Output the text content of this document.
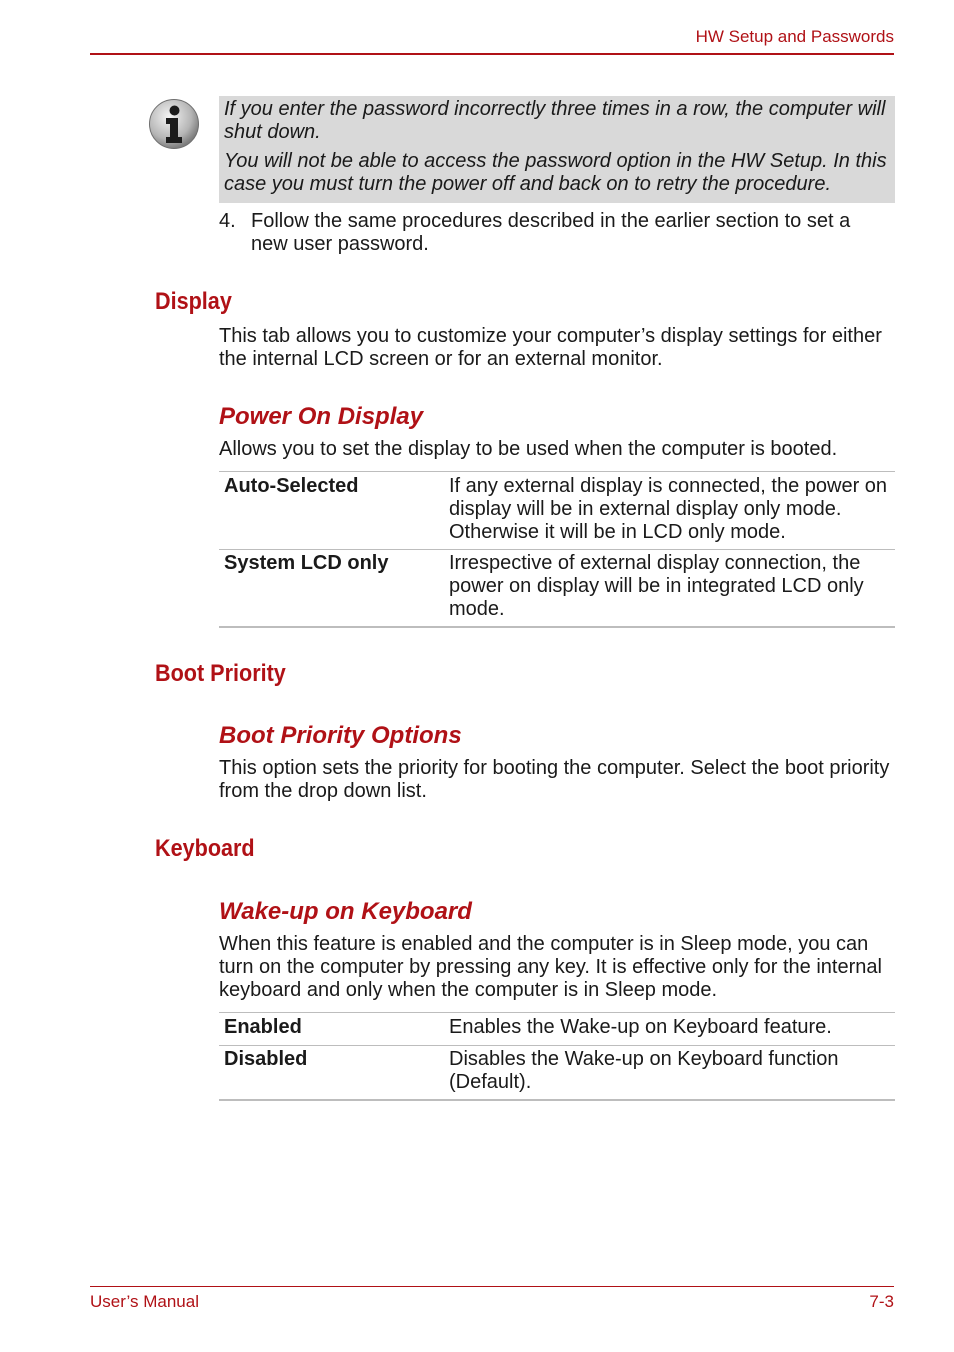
HW Setup and Passwords

If you enter the password incorrectly three times in a row, the computer will shut down.

You will not be able to access the password option in the HW Setup. In this case you must turn the power off and back on to retry the procedure.

4. Follow the same procedures described in the earlier section to set a new user password.
Display
This tab allows you to customize your computer’s display settings for either the internal LCD screen or for an external monitor.
Power On Display
Allows you to set the display to be used when the computer is booted.
Auto-Selected	If any external display is connected, the power on display will be in external display only mode. Otherwise it will be in LCD only mode.
System LCD only	Irrespective of external display connection, the power on display will be in integrated LCD only mode.
Boot Priority
Boot Priority Options
This option sets the priority for booting the computer. Select the boot priority from the drop down list.
Keyboard
Wake-up on Keyboard
When this feature is enabled and the computer is in Sleep mode, you can turn on the computer by pressing any key. It is effective only for the internal keyboard and only when the computer is in Sleep mode.
Enabled	Enables the Wake-up on Keyboard feature.
Disabled	Disables the Wake-up on Keyboard function (Default).
User’s Manual	7-3
